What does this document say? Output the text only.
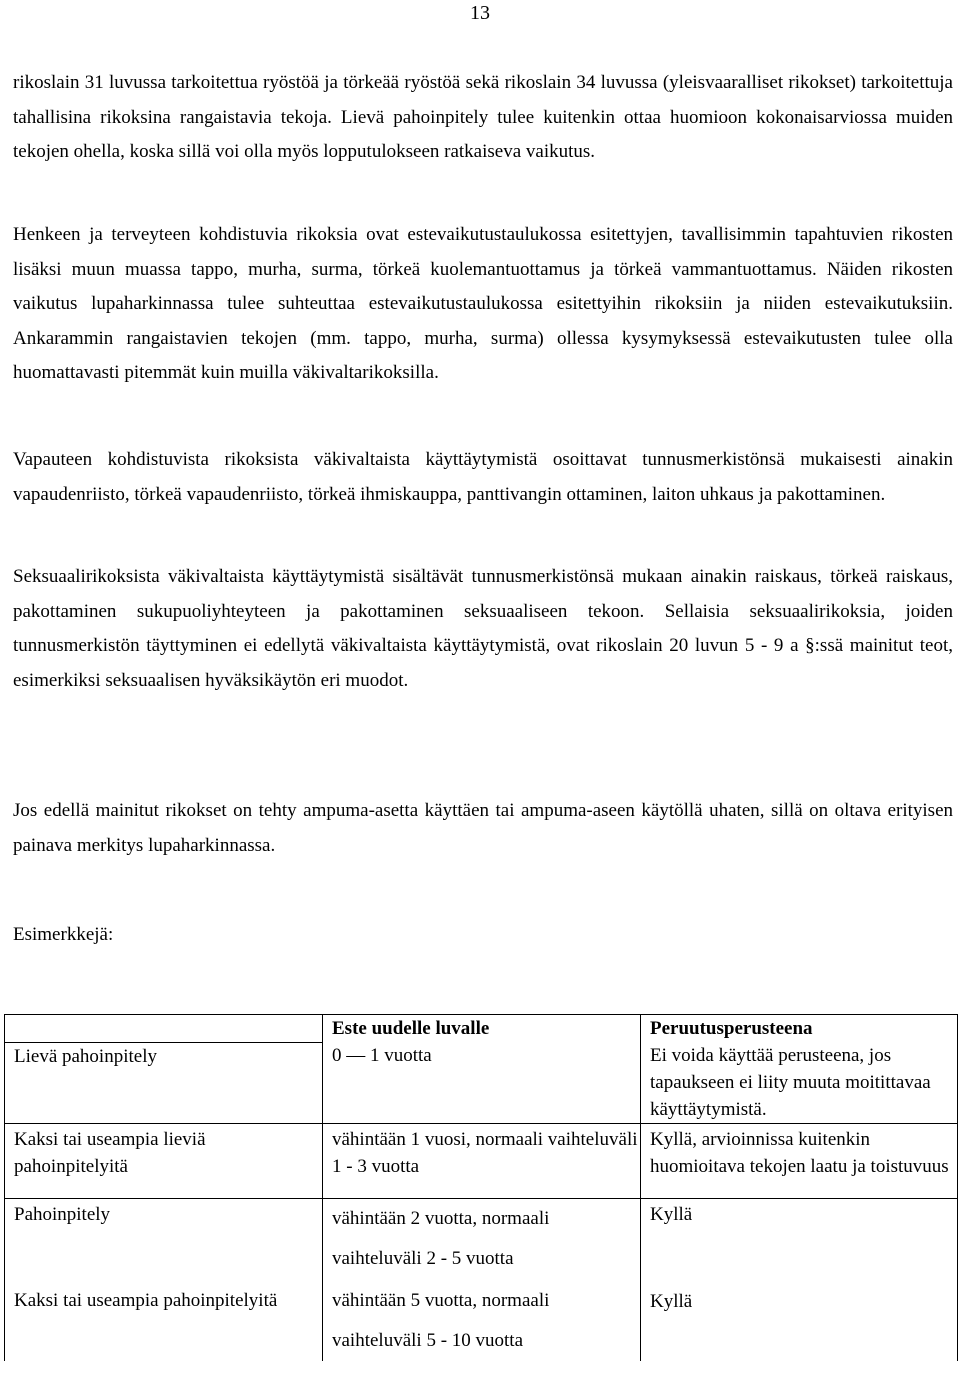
13

rikoslain 31 luvussa tarkoitettua ryöstöä ja törkeää ryöstöä sekä rikoslain 34 luvussa (yleisvaaralliset rikokset) tarkoitettuja tahallisina rikoksina rangaistavia tekoja. Lievä pahoinpitely tulee kuitenkin ottaa huomioon kokonaisarviossa muiden tekojen ohella, koska sillä voi olla myös lopputulokseen ratkaiseva vaikutus.

Henkeen ja terveyteen kohdistuvia rikoksia ovat estevaikutustaulukossa esitettyjen, tavallisimmin tapahtuvien rikosten lisäksi muun muassa tappo, murha, surma, törkeä kuolemantuottamus ja törkeä vammantuottamus. Näiden rikosten vaikutus lupaharkinnassa tulee suhteuttaa estevaikutustaulukossa esitettyihin rikoksiin ja niiden estevaikutuksiin. Ankarammin rangaistavien tekojen (mm. tappo, murha, surma) ollessa kysymyksessä estevaikutusten tulee olla huomattavasti pitemmät kuin muilla väkivaltarikoksilla.

Vapauteen kohdistuvista rikoksista väkivaltaista käyttäytymistä osoittavat tunnusmerkistönsä mukaisesti ainakin vapaudenriisto, törkeä vapaudenriisto, törkeä ihmiskauppa, panttivangin ottaminen, laiton uhkaus ja pakottaminen.

Seksuaalirikoksista väkivaltaista käyttäytymistä sisältävät tunnusmerkistönsä mukaan ainakin raiskaus, törkeä raiskaus, pakottaminen sukupuoliyhteyteen ja pakottaminen seksuaaliseen tekoon. Sellaisia seksuaalirikoksia, joiden tunnusmerkistön täyttyminen ei edellytä väkivaltaista käyttäytymistä, ovat rikoslain 20 luvun 5 - 9 a §:ssä mainitut teot, esimerkiksi seksuaalisen hyväksikäytön eri muodot.

Jos edellä mainitut rikokset on tehty ampuma-asetta käyttäen tai ampuma-aseen käytöllä uhaten, sillä on oltava erityisen painava merkitys lupaharkinnassa.

Esimerkkejä:

	Este uudelle luvalle	Peruutusperusteena

Lievä pahoinpitely	0 — 1 vuotta	Ei voida käyttää perusteena, jos tapaukseen ei liity muuta moitittavaa käyttäytymistä.

Kaksi tai useampia lieviä pahoinpitelyitä	vähintään 1 vuosi, normaali vaihteluväli 1 - 3 vuotta	Kyllä, arvioinnissa kuitenkin huomioitava tekojen laatu ja toistuvuus

Pahoinpitely	vähintään 2 vuotta, normaali vaihteluväli 2 - 5 vuotta	Kyllä

Kaksi tai useampia pahoinpitelyitä	vähintään 5 vuotta, normaali vaihteluväli 5 - 10 vuotta	Kyllä
